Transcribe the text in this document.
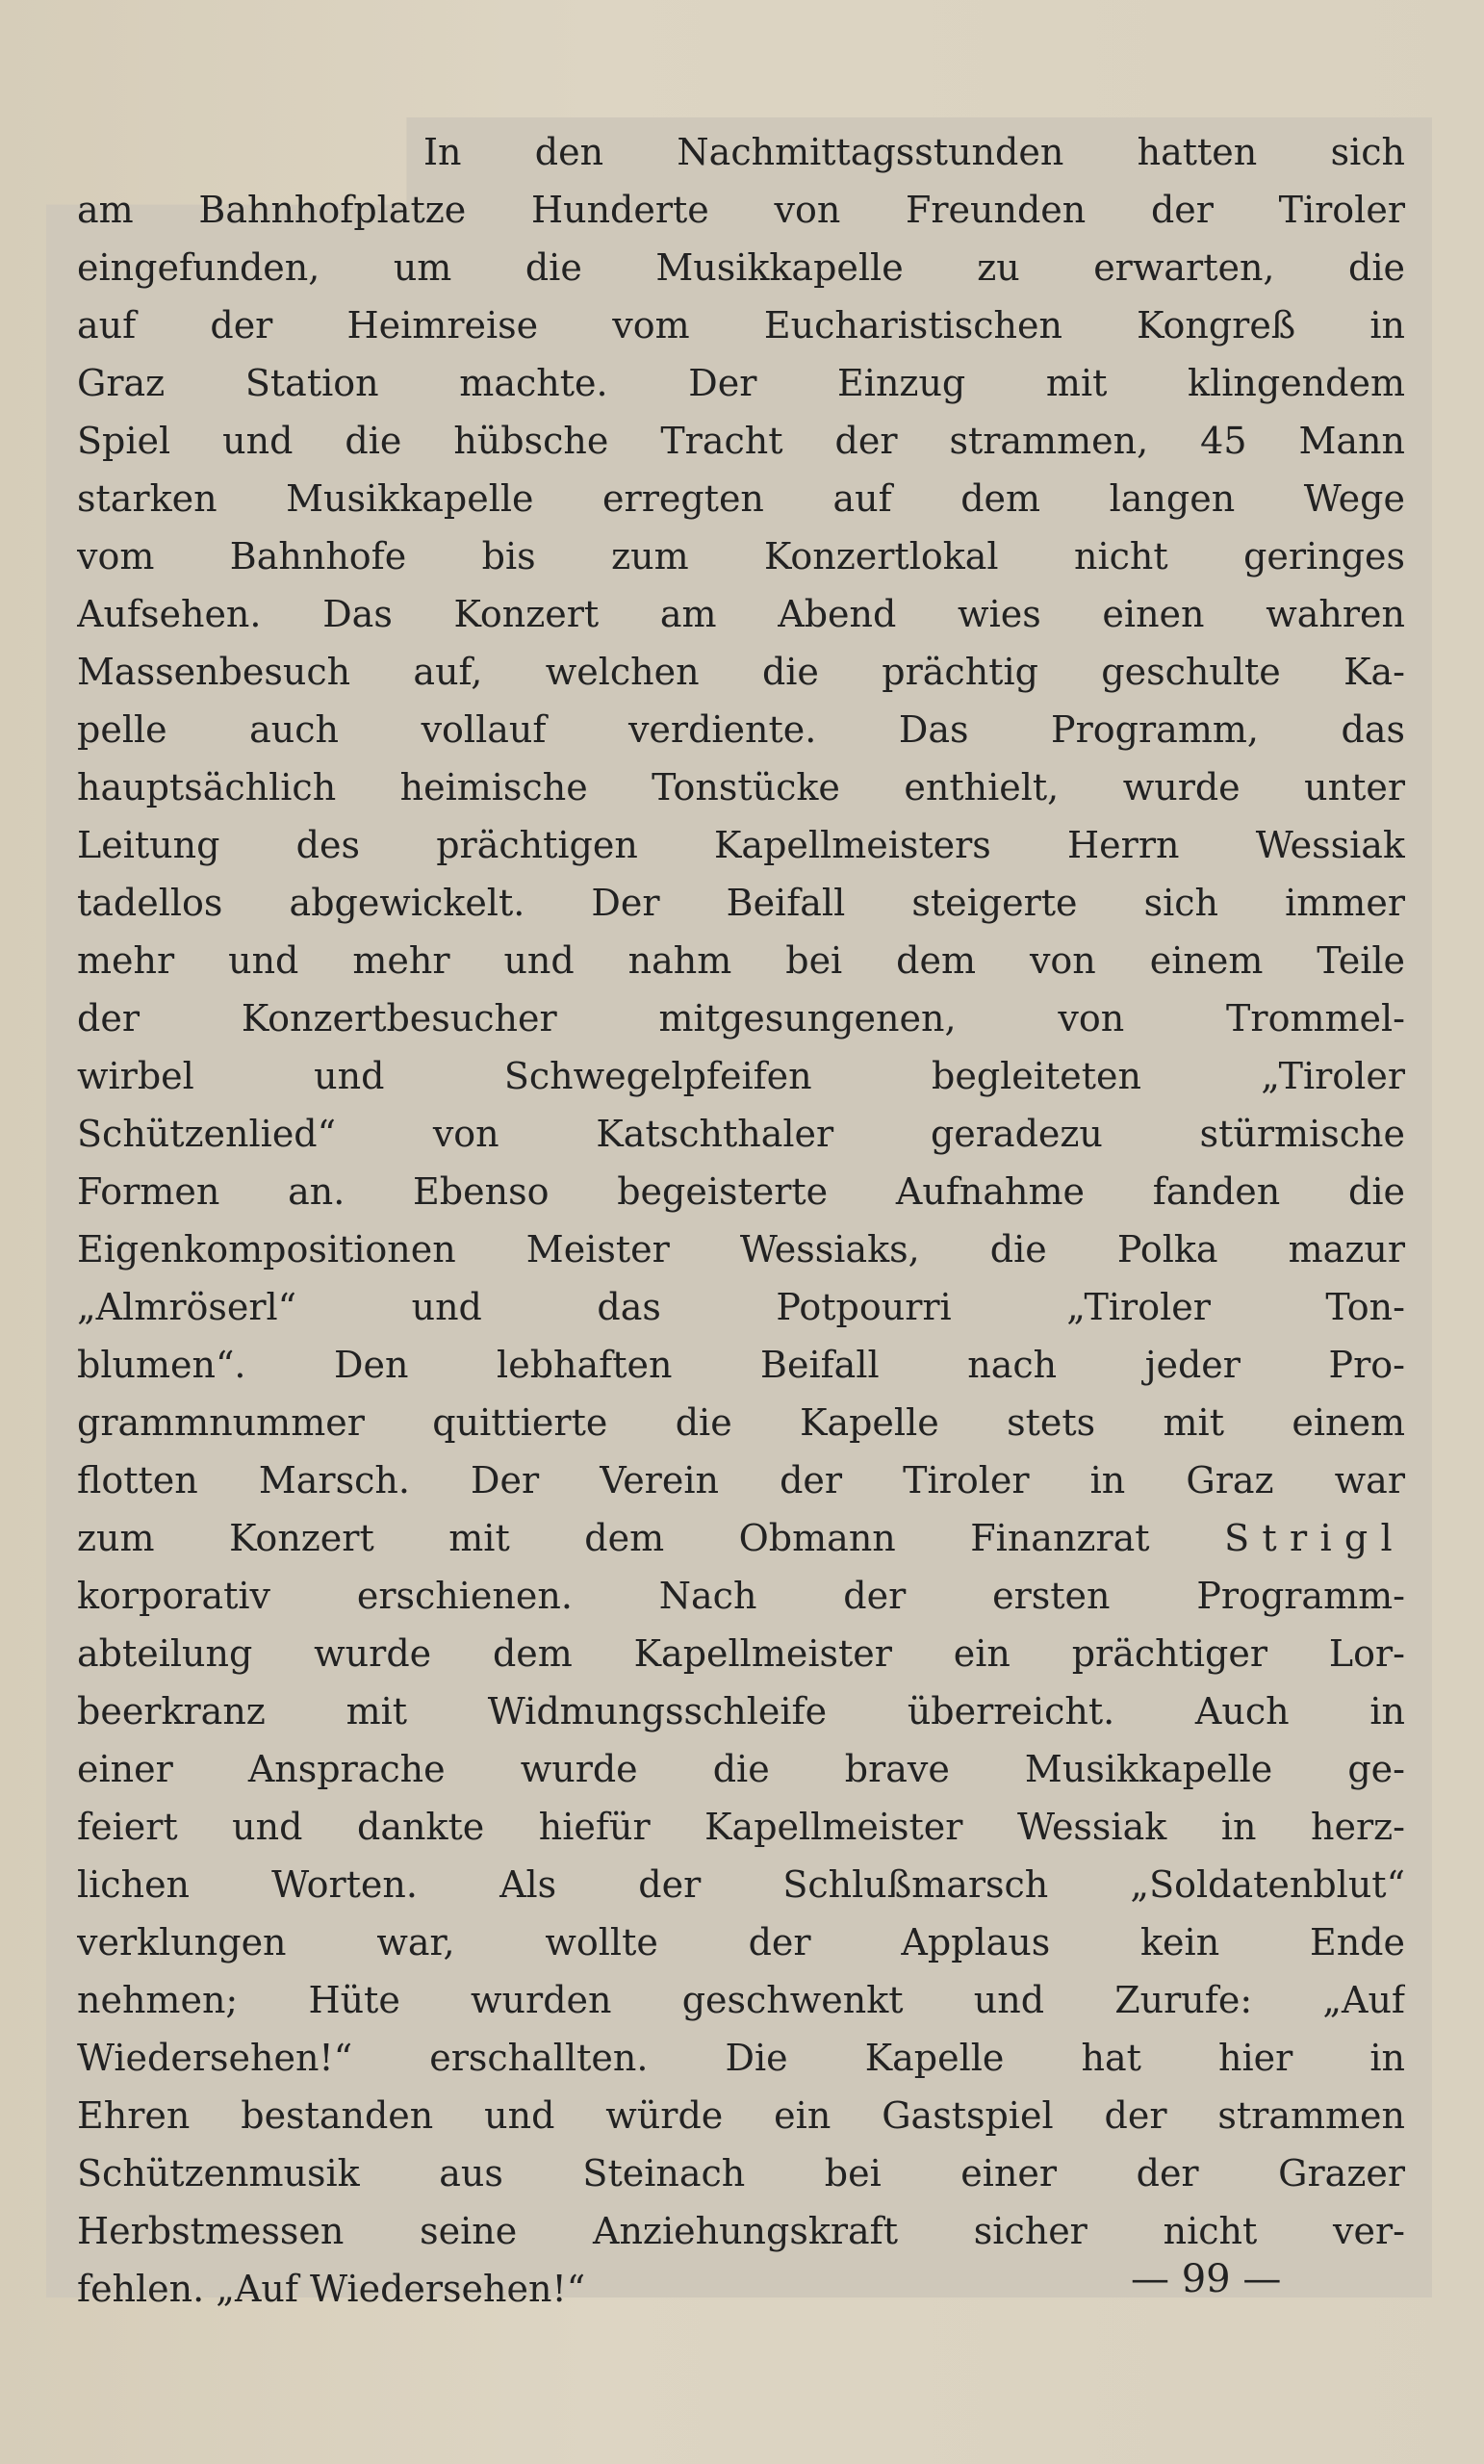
In den Nachmittagsstunden hatten sich
am Bahnhofplatze Hunderte von Freunden der Tiroler
eingefunden, um die Musikkapelle zu erwarten, die
auf der Heimreise vom Eucharistischen Kongreß in
Graz Station machte. Der Einzug mit klingendem
Spiel und die hübsche Tracht der strammen, 45 Mann
starken Musikkapelle erregten auf dem langen Wege
vom Bahnhofe bis zum Konzertlokal nicht geringes
Aufsehen. Das Konzert am Abend wies einen wahren
Massenbesuch auf, welchen die prächtig geschulte Ka-
pelle auch vollauf verdiente. Das Programm, das
hauptsächlich heimische Tonstücke enthielt, wurde unter
Leitung des prächtigen Kapellmeisters Herrn Wessiak
tadellos abgewickelt. Der Beifall steigerte sich immer
mehr und mehr und nahm bei dem von einem Teile
der Konzertbesucher mitgesungenen, von Trommel-
wirbel und Schwegelpfeifen begleiteten „Tiroler
Schützenlied“ von Katschthaler geradezu stürmische
Formen an. Ebenso begeisterte Aufnahme fanden die
Eigenkompositionen Meister Wessiaks, die Polka mazur
„Almröserl“ und das Potpourri „Tiroler Ton-
blumen“. Den lebhaften Beifall nach jeder Pro-
grammnummer quittierte die Kapelle stets mit einem
flotten Marsch. Der Verein der Tiroler in Graz war
zum Konzert mit dem Obmann Finanzrat Strigl
korporativ erschienen. Nach der ersten Programm-
abteilung wurde dem Kapellmeister ein prächtiger Lor-
beerkranz mit Widmungsschleife überreicht. Auch in
einer Ansprache wurde die brave Musikkapelle ge-
feiert und dankte hiefür Kapellmeister Wessiak in herz-
lichen Worten. Als der Schlußmarsch „Soldatenblut“
verklungen war, wollte der Applaus kein Ende
nehmen; Hüte wurden geschwenkt und Zurufe: „Auf
Wiedersehen!“ erschallten. Die Kapelle hat hier in
Ehren bestanden und würde ein Gastspiel der strammen
Schützenmusik aus Steinach bei einer der Grazer
Herbstmessen seine Anziehungskraft sicher nicht ver-
fehlen. „Auf Wiedersehen!“	— 99 —
